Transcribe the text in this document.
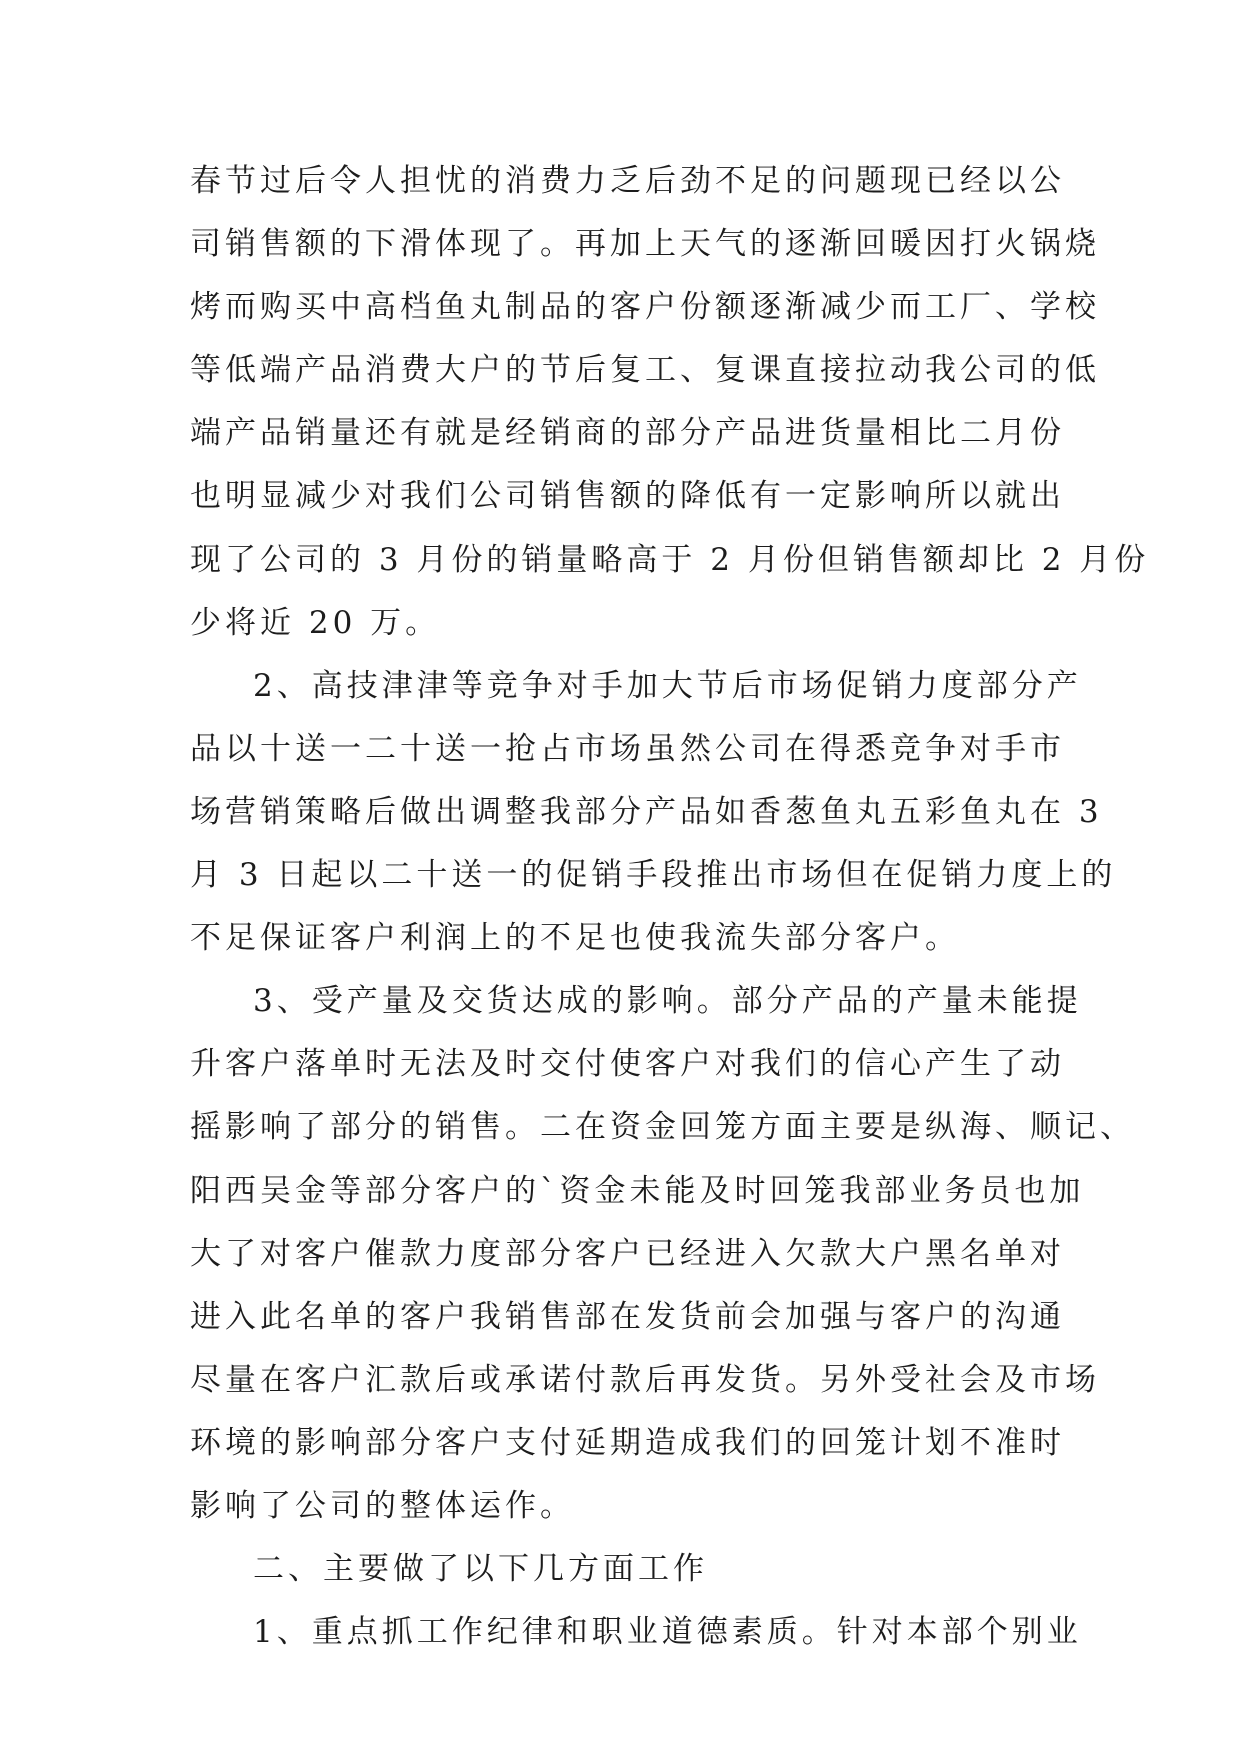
春节过后令人担忧的消费力乏后劲不足的问题现已经以公
司销售额的下滑体现了。再加上天气的逐渐回暖因打火锅烧
烤而购买中高档鱼丸制品的客户份额逐渐减少而工厂、学校
等低端产品消费大户的节后复工、复课直接拉动我公司的低
端产品销量还有就是经销商的部分产品进货量相比二月份
也明显减少对我们公司销售额的降低有一定影响所以就出
现了公司的 3 月份的销量略高于 2 月份但销售额却比 2 月份
少将近 20 万。
2、高技津津等竞争对手加大节后市场促销力度部分产
品以十送一二十送一抢占市场虽然公司在得悉竞争对手市
场营销策略后做出调整我部分产品如香葱鱼丸五彩鱼丸在 3
月 3 日起以二十送一的促销手段推出市场但在促销力度上的
不足保证客户利润上的不足也使我流失部分客户。
3、受产量及交货达成的影响。部分产品的产量未能提
升客户落单时无法及时交付使客户对我们的信心产生了动
摇影响了部分的销售。二在资金回笼方面主要是纵海、顺记、
阳西吴金等部分客户的`资金未能及时回笼我部业务员也加
大了对客户催款力度部分客户已经进入欠款大户黑名单对
进入此名单的客户我销售部在发货前会加强与客户的沟通
尽量在客户汇款后或承诺付款后再发货。另外受社会及市场
环境的影响部分客户支付延期造成我们的回笼计划不准时
影响了公司的整体运作。
二、主要做了以下几方面工作
1、重点抓工作纪律和职业道德素质。针对本部个别业
